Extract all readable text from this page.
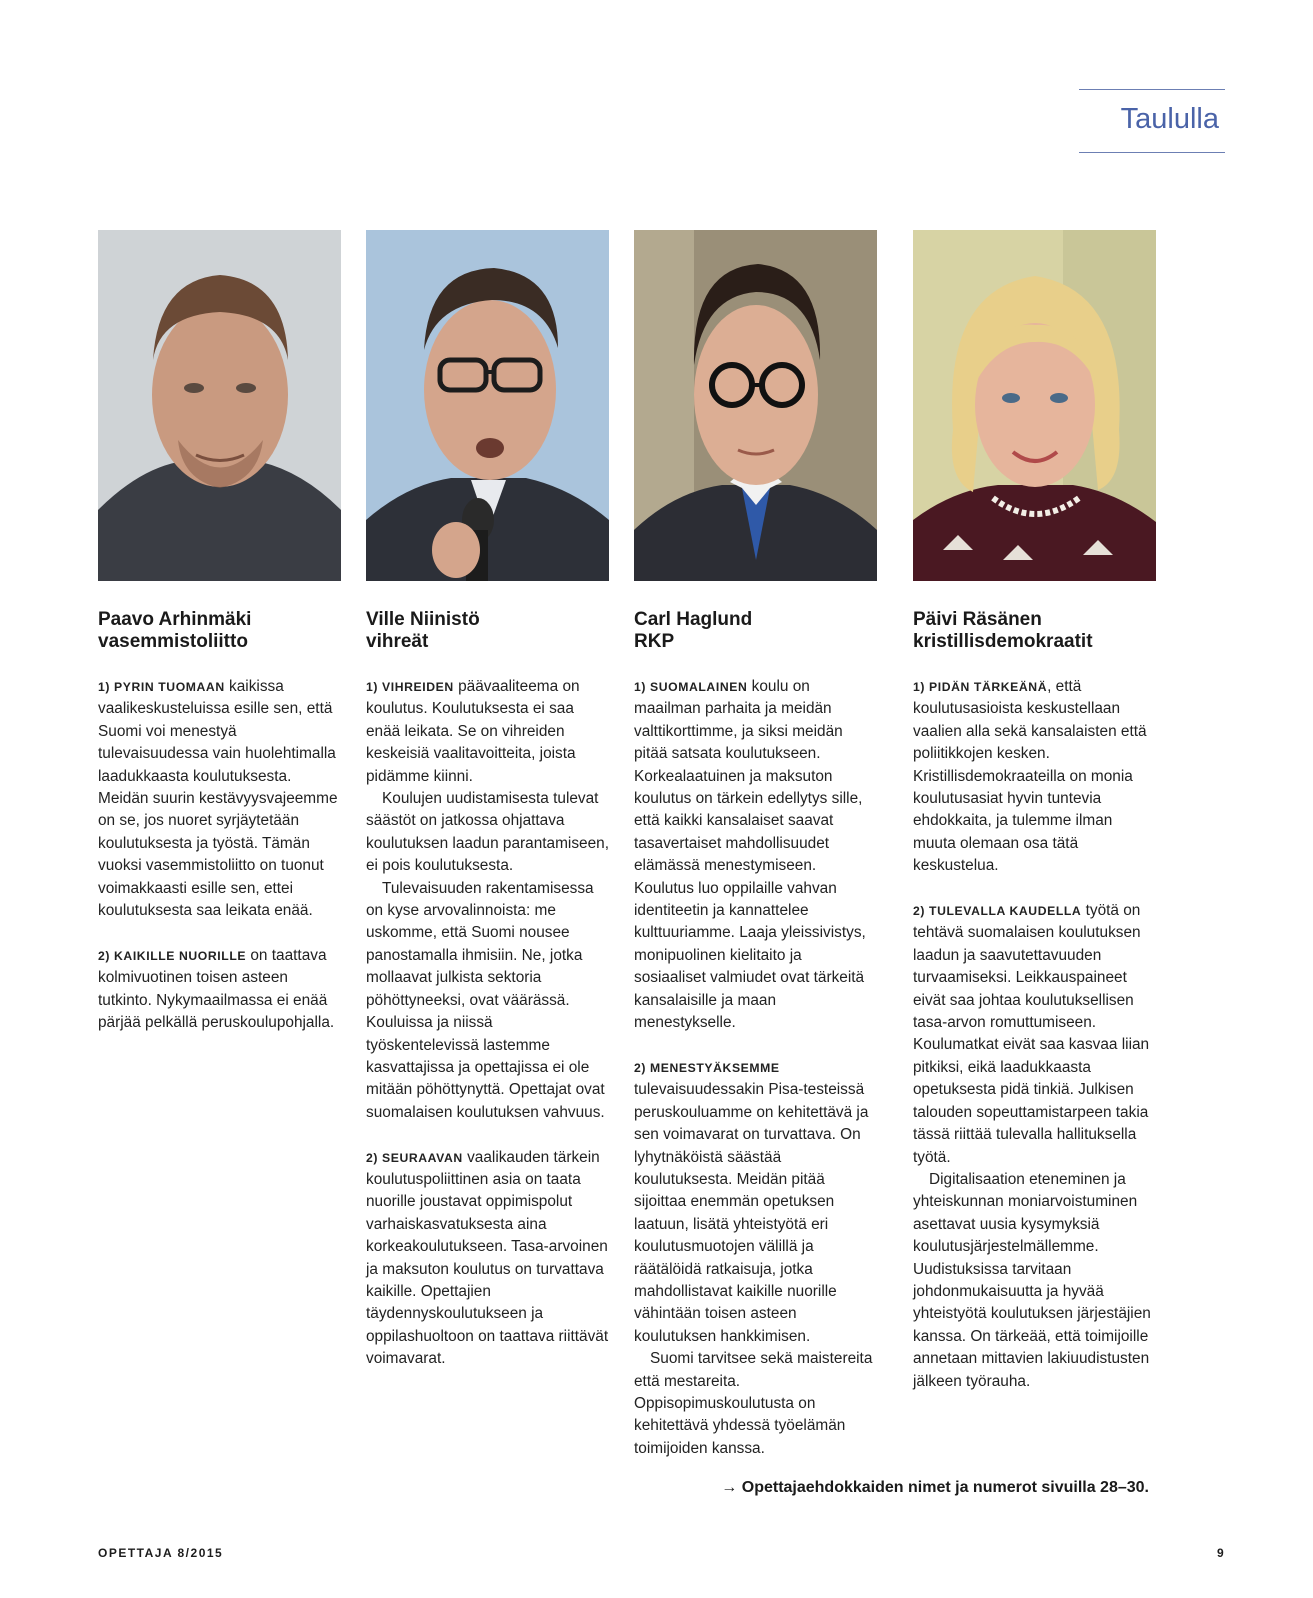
Taululla
Paavo Arhinmäki
vasemmistoliitto

1) PYRIN TUOMAAN kaikissa vaalikeskusteluissa esille sen, että Suomi voi menestyä tulevaisuudessa vain huolehtimalla laadukkaasta koulutuksesta. Meidän suurin kestävyysvajeemme on se, jos nuoret syrjäytetään koulutuksesta ja työstä. Tämän vuoksi vasemmistoliitto on tuonut voimakkaasti esille sen, ettei koulutuksesta saa leikata enää.

2) KAIKILLE NUORILLE on taattava kolmivuotinen toisen asteen tutkinto. Nykymaailmassa ei enää pärjää pelkällä peruskoulupohjalla.

Ville Niinistö
vihreät

1) VIHREIDEN päävaaliteema on koulutus. Koulutuksesta ei saa enää leikata. Se on vihreiden keskeisiä vaalitavoitteita, joista pidämme kiinni.

Koulujen uudistamisesta tulevat säästöt on jatkossa ohjattava koulutuksen laadun parantamiseen, ei pois koulutuksesta.

Tulevaisuuden rakentamisessa on kyse arvovalinnoista: me uskomme, että Suomi nousee panostamalla ihmisiin. Ne, jotka mollaavat julkista sektoria pöhöttyneeksi, ovat väärässä. Kouluissa ja niissä työskentelevissä lastemme kasvattajissa ja opettajissa ei ole mitään pöhöttynyttä. Opettajat ovat suomalaisen koulutuksen vahvuus.

2) SEURAAVAN vaalikauden tärkein koulutuspoliittinen asia on taata nuorille joustavat oppimispolut varhaiskasvatuksesta aina korkeakoulutukseen. Tasa-arvoinen ja maksuton koulutus on turvattava kaikille. Opettajien täydennyskoulutukseen ja oppilashuoltoon on taattava riittävät voimavarat.

Carl Haglund
RKP

1) SUOMALAINEN koulu on maailman parhaita ja meidän valttikorttimme, ja siksi meidän pitää satsata koulutukseen. Korkealaatuinen ja maksuton koulutus on tärkein edellytys sille, että kaikki kansalaiset saavat tasavertaiset mahdollisuudet elämässä menestymiseen. Koulutus luo oppilaille vahvan identiteetin ja kannattelee kulttuuriamme. Laaja yleissivistys, monipuolinen kielitaito ja sosiaaliset valmiudet ovat tärkeitä kansalaisille ja maan menestykselle.

2) MENESTYÄKSEMME tulevaisuudessakin Pisa-testeissä peruskouluamme on kehitettävä ja sen voimavarat on turvattava. On lyhytnäköistä säästää koulutuksesta. Meidän pitää sijoittaa enemmän opetuksen laatuun, lisätä yhteistyötä eri koulutusmuotojen välillä ja räätälöidä ratkaisuja, jotka mahdollistavat kaikille nuorille vähintään toisen asteen koulutuksen hankkimisen.

Suomi tarvitsee sekä maistereita että mestareita. Oppisopimuskoulutusta on kehitettävä yhdessä työelämän toimijoiden kanssa.

Päivi Räsänen
kristillisdemokraatit

1) PIDÄN TÄRKEÄNÄ, että koulutusasioista keskustellaan vaalien alla sekä kansalaisten että poliitikkojen kesken. Kristillisdemokraateilla on monia koulutusasiat hyvin tuntevia ehdokkaita, ja tulemme ilman muuta olemaan osa tätä keskustelua.

2) TULEVALLA KAUDELLA työtä on tehtävä suomalaisen koulutuksen laadun ja saavutettavuuden turvaamiseksi. Leikkauspaineet eivät saa johtaa koulutuksellisen tasa-arvon romuttumiseen. Koulumatkat eivät saa kasvaa liian pitkiksi, eikä laadukkaasta opetuksesta pidä tinkiä. Julkisen talouden sopeuttamistarpeen takia tässä riittää tulevalla hallituksella työtä.

Digitalisaation eteneminen ja yhteiskunnan moniarvoistuminen asettavat uusia kysymyksiä koulutusjärjestelmällemme. Uudistuksissa tarvitaan johdonmukaisuutta ja hyvää yhteistyötä koulutuksen järjestäjien kanssa. On tärkeää, että toimijoille annetaan mittavien lakiuudistusten jälkeen työrauha.

→ Opettajaehdokkaiden nimet ja numerot sivuilla 28–30.
OPETTAJA 8/2015	9
